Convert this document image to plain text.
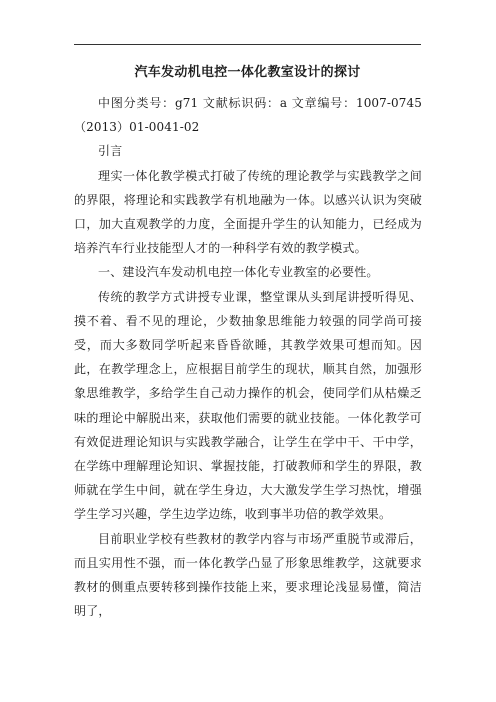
汽车发动机电控一体化教室设计的探讨

中图分类号：g71 文献标识码：a 文章编号：1007-0745（2013）01-0041-02

引言

理实一体化教学模式打破了传统的理论教学与实践教学之间的界限，将理论和实践教学有机地融为一体。以感兴认识为突破口，加大直观教学的力度，全面提升学生的认知能力，已经成为培养汽车行业技能型人才的一种科学有效的教学模式。

一、建设汽车发动机电控一体化专业教室的必要性。

传统的教学方式讲授专业课，整堂课从头到尾讲授听得见、摸不着、看不见的理论，少数抽象思维能力较强的同学尚可接受，而大多数同学听起来昏昏欲睡，其教学效果可想而知。因此，在教学理念上，应根据目前学生的现状，顺其自然，加强形象思维教学，多给学生自己动力操作的机会，使同学们从枯燥乏味的理论中解脱出来，获取他们需要的就业技能。一体化教学可有效促进理论知识与实践教学融合，让学生在学中干、干中学，在学练中理解理论知识、掌握技能，打破教师和学生的界限，教师就在学生中间，就在学生身边，大大激发学生学习热忱，增强学生学习兴趣，学生边学边练，收到事半功倍的教学效果。

目前职业学校有些教材的教学内容与市场严重脱节或滞后，而且实用性不强，而一体化教学凸显了形象思维教学，这就要求教材的侧重点要转移到操作技能上来，要求理论浅显易懂，简洁明了，
